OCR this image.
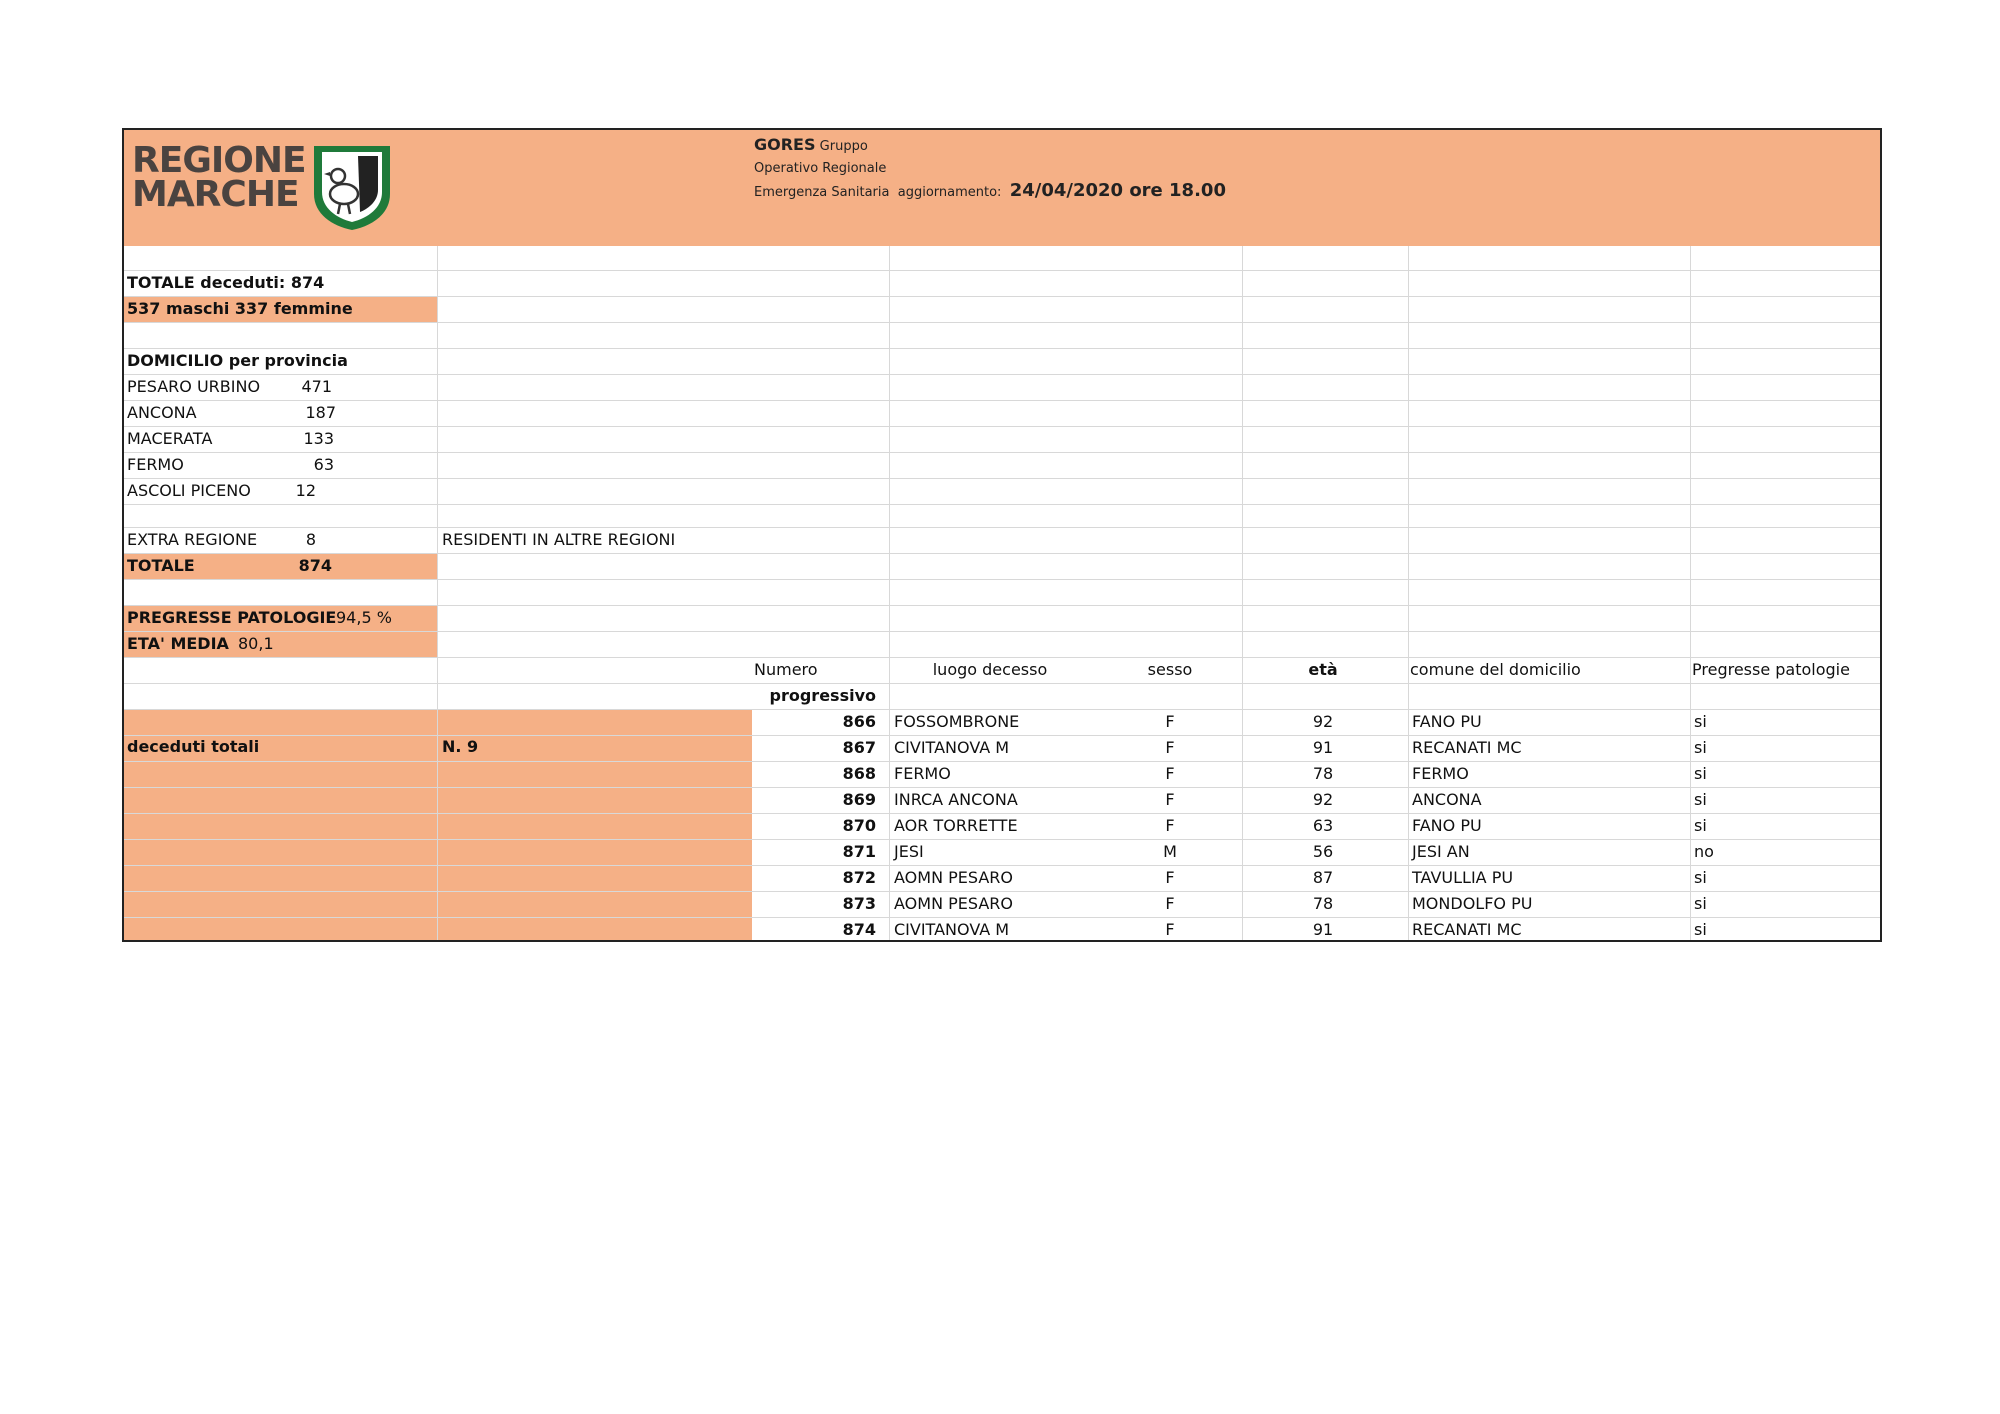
REGIONE
MARCHE
GORES Gruppo
Operativo Regionale
Emergenza Sanitaria aggiornamento: 24/04/2020 ore 18.00
TOTALE deceduti: 874
537 maschi 337 femmine
DOMICILIO per provincia
PESARO URBINO	471
ANCONA	187
MACERATA	133
FERMO	63
ASCOLI PICENO	12
EXTRA REGIONE	8	RESIDENTI IN ALTRE REGIONI
TOTALE	874
PREGRESSE PATOLOGIE 94,5 %
ETA' MEDIA 80,1
deceduti totali	N. 9
Numero
progressivo
luogo decesso	sesso	età	comune del domicilio	Pregresse patologie
866 FOSSOMBRONE	F	92	FANO PU	si
867 CIVITANOVA M	F	91	RECANATI MC	si
868 FERMO	F	78	FERMO	si
869 INRCA ANCONA	F	92	ANCONA	si
870 AOR TORRETTE	F	63	FANO PU	si
871 JESI	M	56	JESI AN	no
872 AOMN PESARO	F	87	TAVULLIA PU	si
873 AOMN PESARO	F	78	MONDOLFO PU	si
874 CIVITANOVA M	F	91	RECANATI MC	si
